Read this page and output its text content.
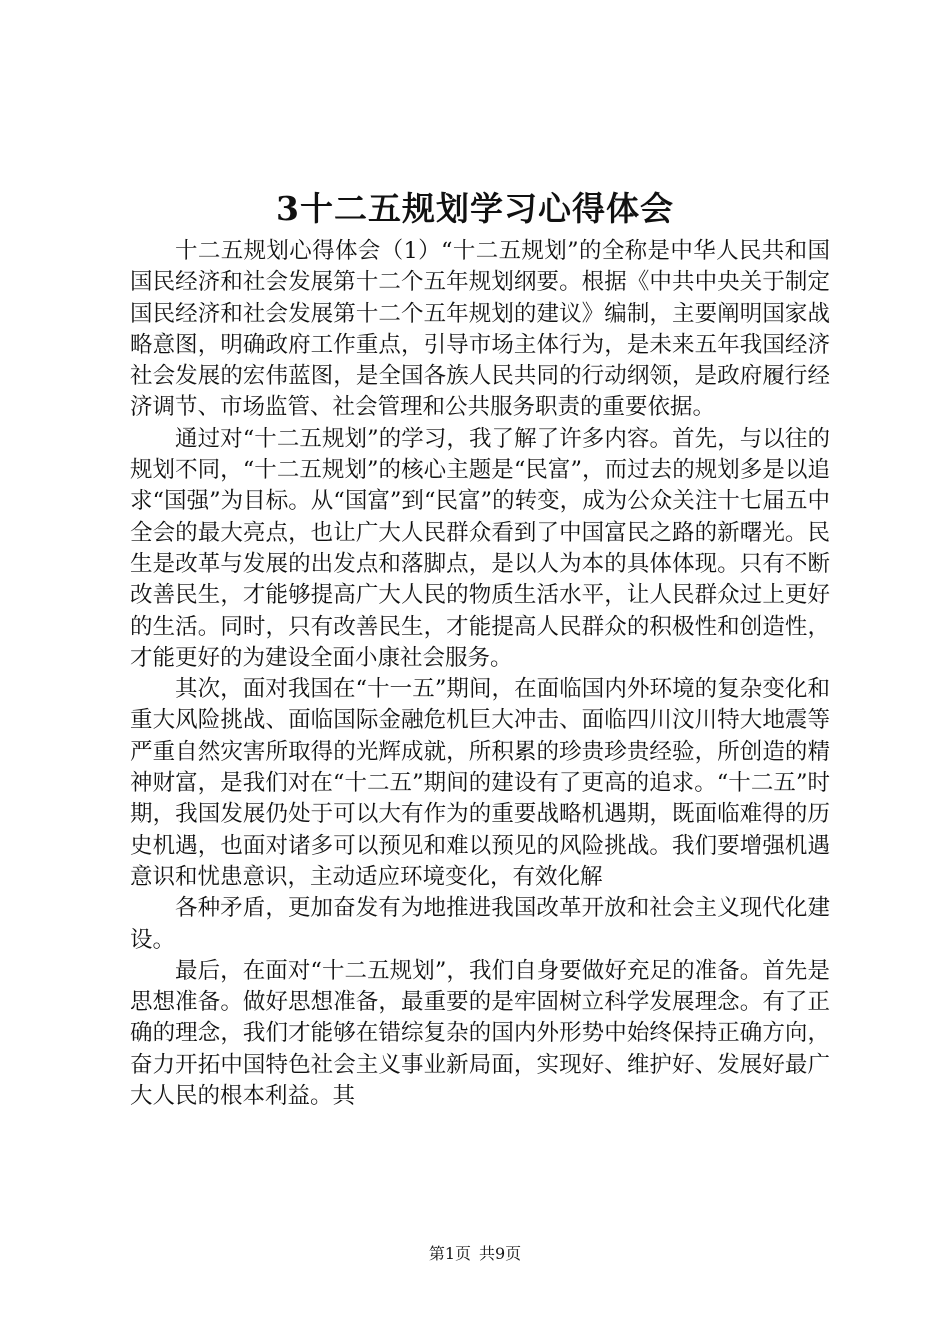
3十二五规划学习心得体会

十二五规划心得体会（1）“十二五规划”的全称是中华人民共和国国民经济和社会发展第十二个五年规划纲要。根据《中共中央关于制定国民经济和社会发展第十二个五年规划的建议》编制，主要阐明国家战略意图，明确政府工作重点，引导市场主体行为，是未来五年我国经济社会发展的宏伟蓝图，是全国各族人民共同的行动纲领，是政府履行经济调节、市场监管、社会管理和公共服务职责的重要依据。

通过对“十二五规划”的学习，我了解了许多内容。首先，与以往的规划不同，“十二五规划”的核心主题是“民富”，而过去的规划多是以追求“国强”为目标。从“国富”到“民富”的转变，成为公众关注十七届五中全会的最大亮点，也让广大人民群众看到了中国富民之路的新曙光。民生是改革与发展的出发点和落脚点，是以人为本的具体体现。只有不断改善民生，才能够提高广大人民的物质生活水平，让人民群众过上更好的生活。同时，只有改善民生，才能提高人民群众的积极性和创造性，才能更好的为建设全面小康社会服务。

其次，面对我国在“十一五”期间，在面临国内外环境的复杂变化和重大风险挑战、面临国际金融危机巨大冲击、面临四川汶川特大地震等严重自然灾害所取得的光辉成就，所积累的珍贵珍贵经验，所创造的精神财富，是我们对在“十二五”期间的建设有了更高的追求。“十二五”时期，我国发展仍处于可以大有作为的重要战略机遇期，既面临难得的历史机遇，也面对诸多可以预见和难以预见的风险挑战。我们要增强机遇意识和忧患意识，主动适应环境变化，有效化解

各种矛盾，更加奋发有为地推进我国改革开放和社会主义现代化建设。

最后，在面对“十二五规划”，我们自身要做好充足的准备。首先是思想准备。做好思想准备，最重要的是牢固树立科学发展理念。有了正确的理念，我们才能够在错综复杂的国内外形势中始终保持正确方向，奋力开拓中国特色社会主义事业新局面，实现好、维护好、发展好最广大人民的根本利益。其

第1页 共9页
